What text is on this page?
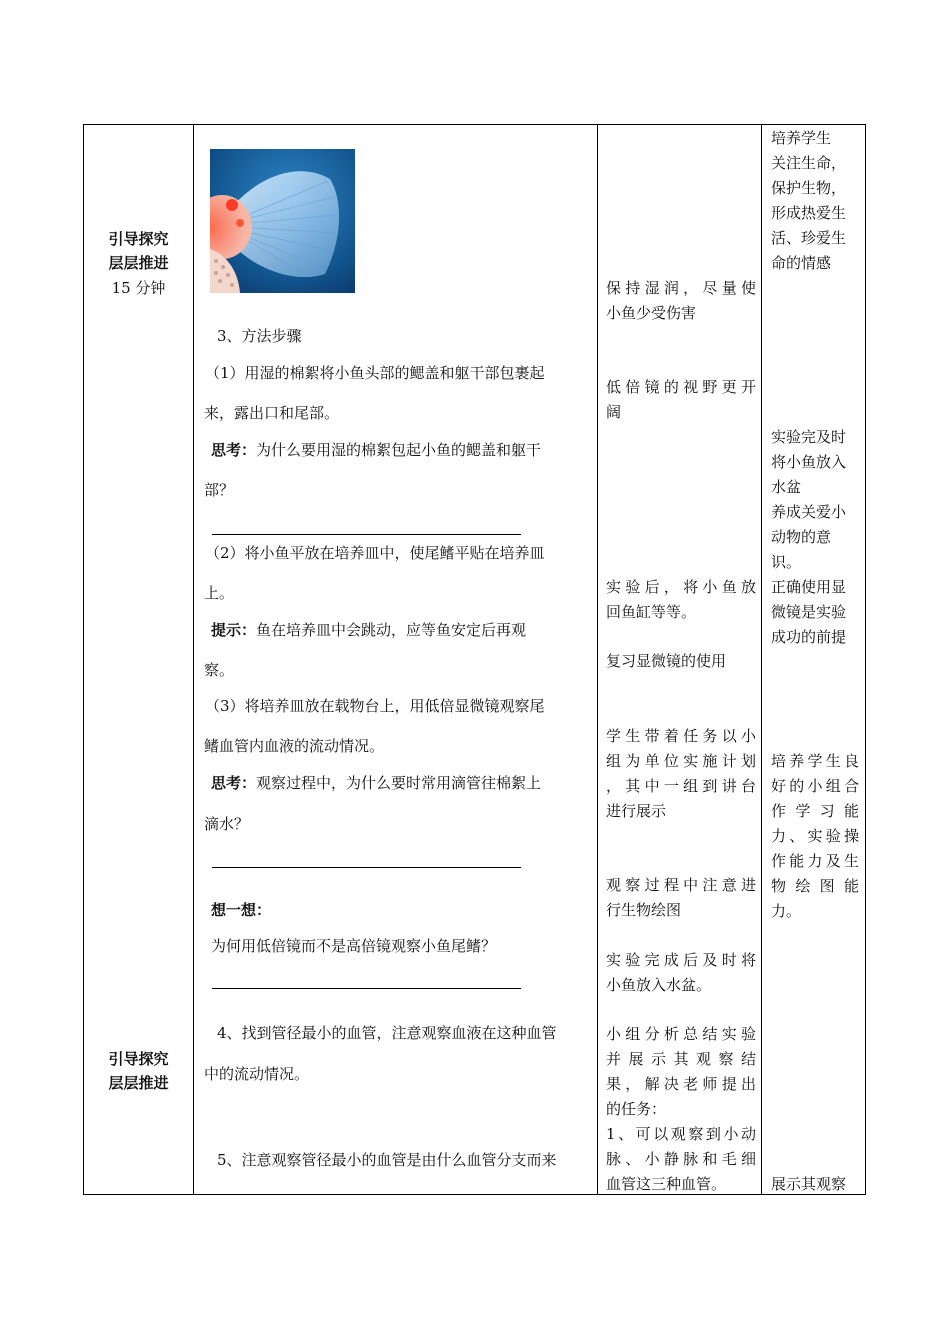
引导探究
层层推进
15 分钟
引导探究
层层推进
3、方法步骤
（1）用湿的棉絮将小鱼头部的鳃盖和躯干部包裹起
来，露出口和尾部。
思考：为什么要用湿的棉絮包起小鱼的鳃盖和躯干
部？
（2）将小鱼平放在培养皿中，使尾鳍平贴在培养皿
上。
提示：鱼在培养皿中会跳动，应等鱼安定后再观
察。
（3）将培养皿放在载物台上，用低倍显微镜观察尾
鳍血管内血液的流动情况。
思考：观察过程中，为什么要时常用滴管往棉絮上
滴水？
想一想：
为何用低倍镜而不是高倍镜观察小鱼尾鳍？
4、找到管径最小的血管，注意观察血液在这种血管
中的流动情况。
5、注意观察管径最小的血管是由什么血管分支而来
保持湿润，尽量使
小鱼少受伤害
低倍镜的视野更开
阔
实验后，将小鱼放
回鱼缸等等。
复习显微镜的使用
学生带着任务以小
组为单位实施计划
，其中一组到讲台
进行展示
观察过程中注意进
行生物绘图
实验完成后及时将
小鱼放入水盆。
小组分析总结实验
并展示其观察结
果，解决老师提出
的任务：
1、可以观察到小动
脉、小静脉和毛细
血管这三种血管。
培养学生
关注生命，
保护生物，
形成热爱生
活、珍爱生
命的情感
实验完及时
将小鱼放入
水盆
养成关爱小
动物的意
识。
正确使用显
微镜是实验
成功的前提
培养学生良
好的小组合
作学习能
力、实验操
作能力及生
物绘图能
力。
展示其观察
